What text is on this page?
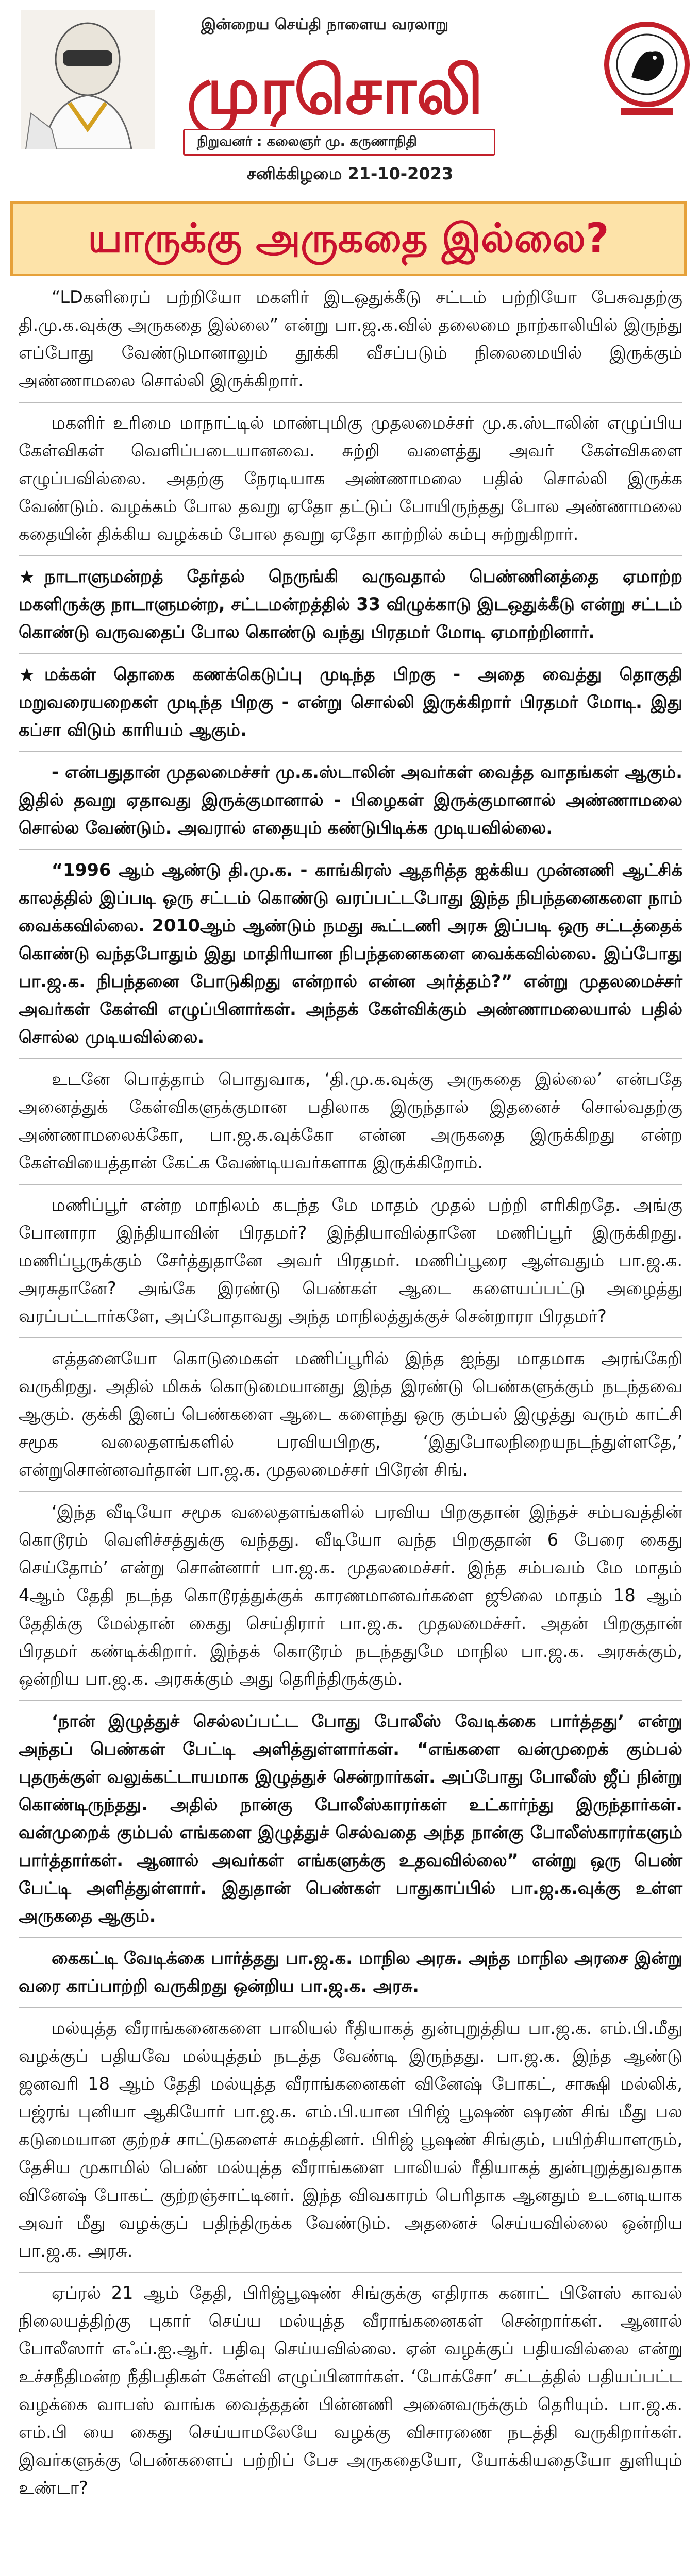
இன்றைய செய்தி நாளைய வரலாறு
முரசொலி
நிறுவனர் : கலைஞர் மு. கருணாநிதி
சனிக்கிழமை 21-10-2023
யாருக்கு அருகதை இல்லை?

“LDகளிரைப் பற்றியோ மகளிர் இடஒதுக்கீடு சட்டம் பற்றியோ பேசுவதற்கு தி.மு.க.வுக்கு அருகதை இல்லை” என்று பா.ஜ.க.வில் தலைமை நாற்காலியில் இருந்து எப்போது வேண்டுமானாலும் தூக்கி வீசப்படும் நிலைமையில் இருக்கும் அண்ணாமலை சொல்லி இருக்கிறார்.

மகளிர் உரிமை மாநாட்டில் மாண்புமிகு முதலமைச்சர் மு.க.ஸ்டாலின் எழுப்பிய கேள்விகள் வெளிப்படையானவை. சுற்றி வளைத்து அவர் கேள்விகளை எழுப்பவில்லை. அதற்கு நேரடியாக அண்ணாமலை பதில் சொல்லி இருக்க வேண்டும். வழக்கம் போல தவறு ஏதோ தட்டுப் போயிருந்தது போல அண்ணாமலை கதையின் திக்கிய வழக்கம் போல தவறு ஏதோ காற்றில் கம்பு சுற்றுகிறார்.

★ நாடாளுமன்றத் தேர்தல் நெருங்கி வருவதால் பெண்ணினத்தை ஏமாற்ற மகளிருக்கு நாடாளுமன்ற, சட்டமன்றத்தில் 33 விழுக்காடு இடஒதுக்கீடு என்று சட்டம் கொண்டு வருவதைப் போல கொண்டு வந்து பிரதமர் மோடி ஏமாற்றினார்.

★ மக்கள் தொகை கணக்கெடுப்பு முடிந்த பிறகு - அதை வைத்து தொகுதி மறுவரையறைகள் முடிந்த பிறகு - என்று சொல்லி இருக்கிறார் பிரதமர் மோடி. இது கப்சா விடும் காரியம் ஆகும்.

- என்பதுதான் முதலமைச்சர் மு.க.ஸ்டாலின் அவர்கள் வைத்த வாதங்கள் ஆகும். இதில் தவறு ஏதாவது இருக்குமானால் - பிழைகள் இருக்குமானால் அண்ணாமலை சொல்ல வேண்டும். அவரால் எதையும் கண்டுபிடிக்க முடியவில்லை.

“1996 ஆம் ஆண்டு தி.மு.க. - காங்கிரஸ் ஆதரித்த ஐக்கிய முன்னணி ஆட்சிக் காலத்தில் இப்படி ஒரு சட்டம் கொண்டு வரப்பட்டபோது இந்த நிபந்தனைகளை நாம் வைக்கவில்லை. 2010ஆம் ஆண்டும் நமது கூட்டணி அரசு இப்படி ஒரு சட்டத்தைக் கொண்டு வந்தபோதும் இது மாதிரியான நிபந்தனைகளை வைக்கவில்லை. இப்போது பா.ஜ.க. நிபந்தனை போடுகிறது என்றால் என்ன அர்த்தம்?” என்று முதலமைச்சர் அவர்கள் கேள்வி எழுப்பினார்கள். அந்தக் கேள்விக்கும் அண்ணாமலையால் பதில் சொல்ல முடியவில்லை.

உடனே பொத்தாம் பொதுவாக, ‘தி.மு.க.வுக்கு அருகதை இல்லை’ என்பதே அனைத்துக் கேள்விகளுக்குமான பதிலாக இருந்தால் இதனைச் சொல்வதற்கு அண்ணாமலைக்கோ, பா.ஜ.க.வுக்கோ என்ன அருகதை இருக்கிறது என்ற கேள்வியைத்தான் கேட்க வேண்டியவர்களாக இருக்கிறோம்.

மணிப்பூர் என்ற மாநிலம் கடந்த மே மாதம் முதல் பற்றி எரிகிறதே. அங்கு போனாரா இந்தியாவின் பிரதமர்? இந்தியாவில்தானே மணிப்பூர் இருக்கிறது. மணிப்பூருக்கும் சேர்த்துதானே அவர் பிரதமர். மணிப்பூரை ஆள்வதும் பா.ஜ.க. அரசுதானே? அங்கே இரண்டு பெண்கள் ஆடை களையப்பட்டு அழைத்து வரப்பட்டார்களே, அப்போதாவது அந்த மாநிலத்துக்குச் சென்றாரா பிரதமர்?

எத்தனையோ கொடுமைகள் மணிப்பூரில் இந்த ஐந்து மாதமாக அரங்கேறி வருகிறது. அதில் மிகக் கொடுமையானது இந்த இரண்டு பெண்களுக்கும் நடந்தவை ஆகும். குக்கி இனப் பெண்களை ஆடை களைந்து ஒரு கும்பல் இழுத்து வரும் காட்சி சமூக வலைதளங்களில் பரவியபிறகு, ‘இதுபோலநிறையநடந்துள்ளதே,’ என்றுசொன்னவர்தான் பா.ஜ.க. முதலமைச்சர் பிரேன் சிங்.

‘இந்த வீடியோ சமூக வலைதளங்களில் பரவிய பிறகுதான் இந்தச் சம்பவத்தின் கொடூரம் வெளிச்சத்துக்கு வந்தது. வீடியோ வந்த பிறகுதான் 6 பேரை கைது செய்தோம்’ என்று சொன்னார் பா.ஜ.க. முதலமைச்சர். இந்த சம்பவம் மே மாதம் 4ஆம் தேதி நடந்த கொடூரத்துக்குக் காரணமானவர்களை ஜூலை மாதம் 18 ஆம் தேதிக்கு மேல்தான் கைது செய்திரார் பா.ஜ.க. முதலமைச்சர். அதன் பிறகுதான் பிரதமர் கண்டிக்கிறார். இந்தக் கொடூரம் நடந்ததுமே மாநில பா.ஜ.க. அரசுக்கும், ஒன்றிய பா.ஜ.க. அரசுக்கும் அது தெரிந்திருக்கும்.

‘நான் இழுத்துச் செல்லப்பட்ட போது போலீஸ் வேடிக்கை பார்த்தது’ என்று அந்தப் பெண்கள் பேட்டி அளித்துள்ளார்கள். “எங்களை வன்முறைக் கும்பல் புதருக்குள் வலுக்கட்டாயமாக இழுத்துச் சென்றார்கள். அப்போது போலீஸ் ஜீப் நின்று கொண்டிருந்தது. அதில் நான்கு போலீஸ்காரர்கள் உட்கார்ந்து இருந்தார்கள். வன்முறைக் கும்பல் எங்களை இழுத்துச் செல்வதை அந்த நான்கு போலீஸ்காரர்களும் பார்த்தார்கள். ஆனால் அவர்கள் எங்களுக்கு உதவவில்லை” என்று ஒரு பெண் பேட்டி அளித்துள்ளார். இதுதான் பெண்கள் பாதுகாப்பில் பா.ஜ.க.வுக்கு உள்ள அருகதை ஆகும்.

கைகட்டி வேடிக்கை பார்த்தது பா.ஜ.க. மாநில அரசு. அந்த மாநில அரசை இன்று வரை காப்பாற்றி வருகிறது ஒன்றிய பா.ஜ.க. அரசு.

மல்யுத்த வீராங்கனைகளை பாலியல் ரீதியாகத் துன்புறுத்திய பா.ஜ.க. எம்.பி.மீது வழக்குப் பதியவே மல்யுத்தம் நடத்த வேண்டி இருந்தது. பா.ஜ.க. இந்த ஆண்டு ஜனவரி 18 ஆம் தேதி மல்யுத்த வீராங்கனைகள் வினேஷ் போகட், சாக்ஷி மல்லிக், பஜ்ரங் புனியா ஆகியோர் பா.ஜ.க. எம்.பி.யான பிரிஜ் பூஷண் ஷரண் சிங் மீது பல கடுமையான குற்றச் சாட்டுகளைச் சுமத்தினர். பிரிஜ் பூஷண் சிங்கும், பயிற்சியாளரும், தேசிய முகாமில் பெண் மல்யுத்த வீராங்களை பாலியல் ரீதியாகத் துன்புறுத்துவதாக வினேஷ் போகட் குற்றஞ்சாட்டினர். இந்த விவகாரம் பெரிதாக ஆனதும் உடனடியாக அவர் மீது வழக்குப் பதிந்திருக்க வேண்டும். அதனைச் செய்யவில்லை ஒன்றிய பா.ஜ.க. அரசு.

ஏப்ரல் 21 ஆம் தேதி, பிரிஜ்பூஷண் சிங்குக்கு எதிராக கனாட் பிளேஸ் காவல் நிலையத்திற்கு புகார் செய்ய மல்யுத்த வீராங்கனைகள் சென்றார்கள். ஆனால் போலீஸார் எஃப்.ஐ.ஆர். பதிவு செய்யவில்லை. ஏன் வழக்குப் பதியவில்லை என்று உச்சநீதிமன்ற நீதிபதிகள் கேள்வி எழுப்பினார்கள். ‘போக்சோ’ சட்டத்தில் பதியப்பட்ட வழக்கை வாபஸ் வாங்க வைத்ததன் பின்னணி அனைவருக்கும் தெரியும். பா.ஜ.க. எம்.பி யை கைது செய்யாமலேயே வழக்கு விசாரணை நடத்தி வருகிறார்கள். இவர்களுக்கு பெண்களைப் பற்றிப் பேச அருகதையோ, யோக்கியதையோ துளியும் உண்டா?
